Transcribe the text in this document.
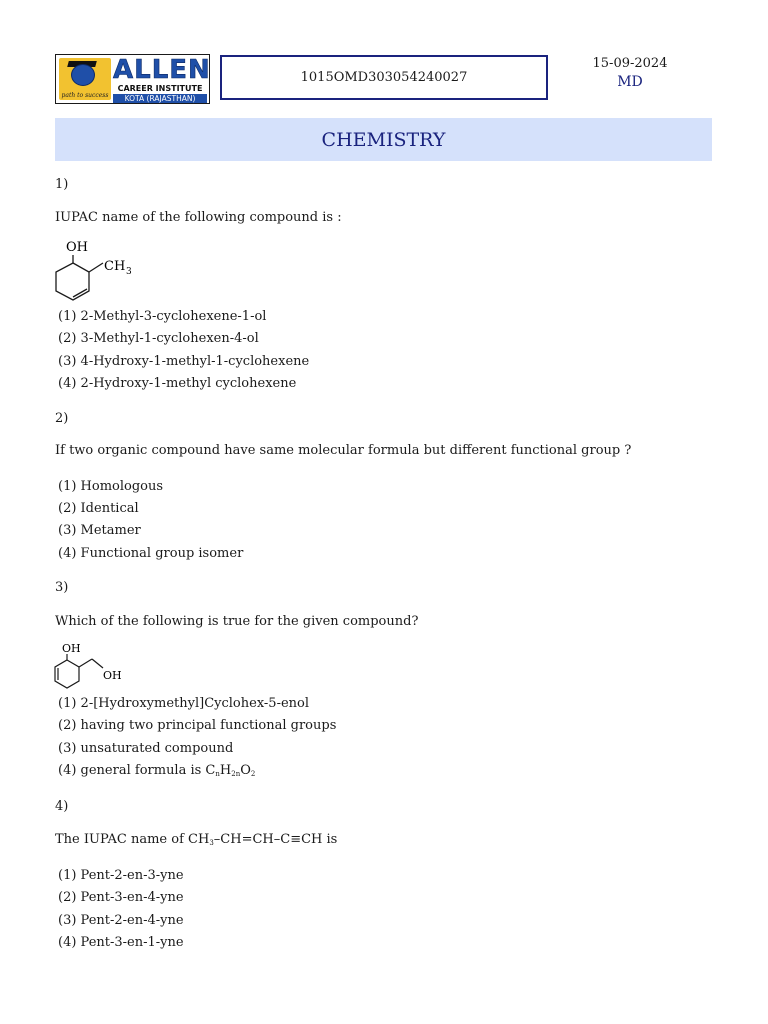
path to success
ALLEN
CAREER INSTITUTE
KOTA (RAJASTHAN)
1015OMD303054240027
15-09-2024
MD
CHEMISTRY
1)
IUPAC name of the following compound is :
OH
CH 3
(1) 2-Methyl-3-cyclohexene-1-ol
(2) 3-Methyl-1-cyclohexen-4-ol
(3) 4-Hydroxy-1-methyl-1-cyclohexene
(4) 2-Hydroxy-1-methyl cyclohexene
2)
If two organic compound have same molecular formula but different functional group ?
(1) Homologous
(2) Identical
(3) Metamer
(4) Functional group isomer
3)
Which of the following is true for the given compound?
OH
OH
(1) 2-[Hydroxymethyl]Cyclohex-5-enol
(2) having two principal functional groups
(3) unsaturated compound
(4) general formula is $C_nH_{2n}O_2$
4)
The IUPAC name of $CH_3-CH=CH-C\equiv CH$ is
(1) Pent-2-en-3-yne
(2) Pent-3-en-4-yne
(3) Pent-2-en-4-yne
(4) Pent-3-en-1-yne
